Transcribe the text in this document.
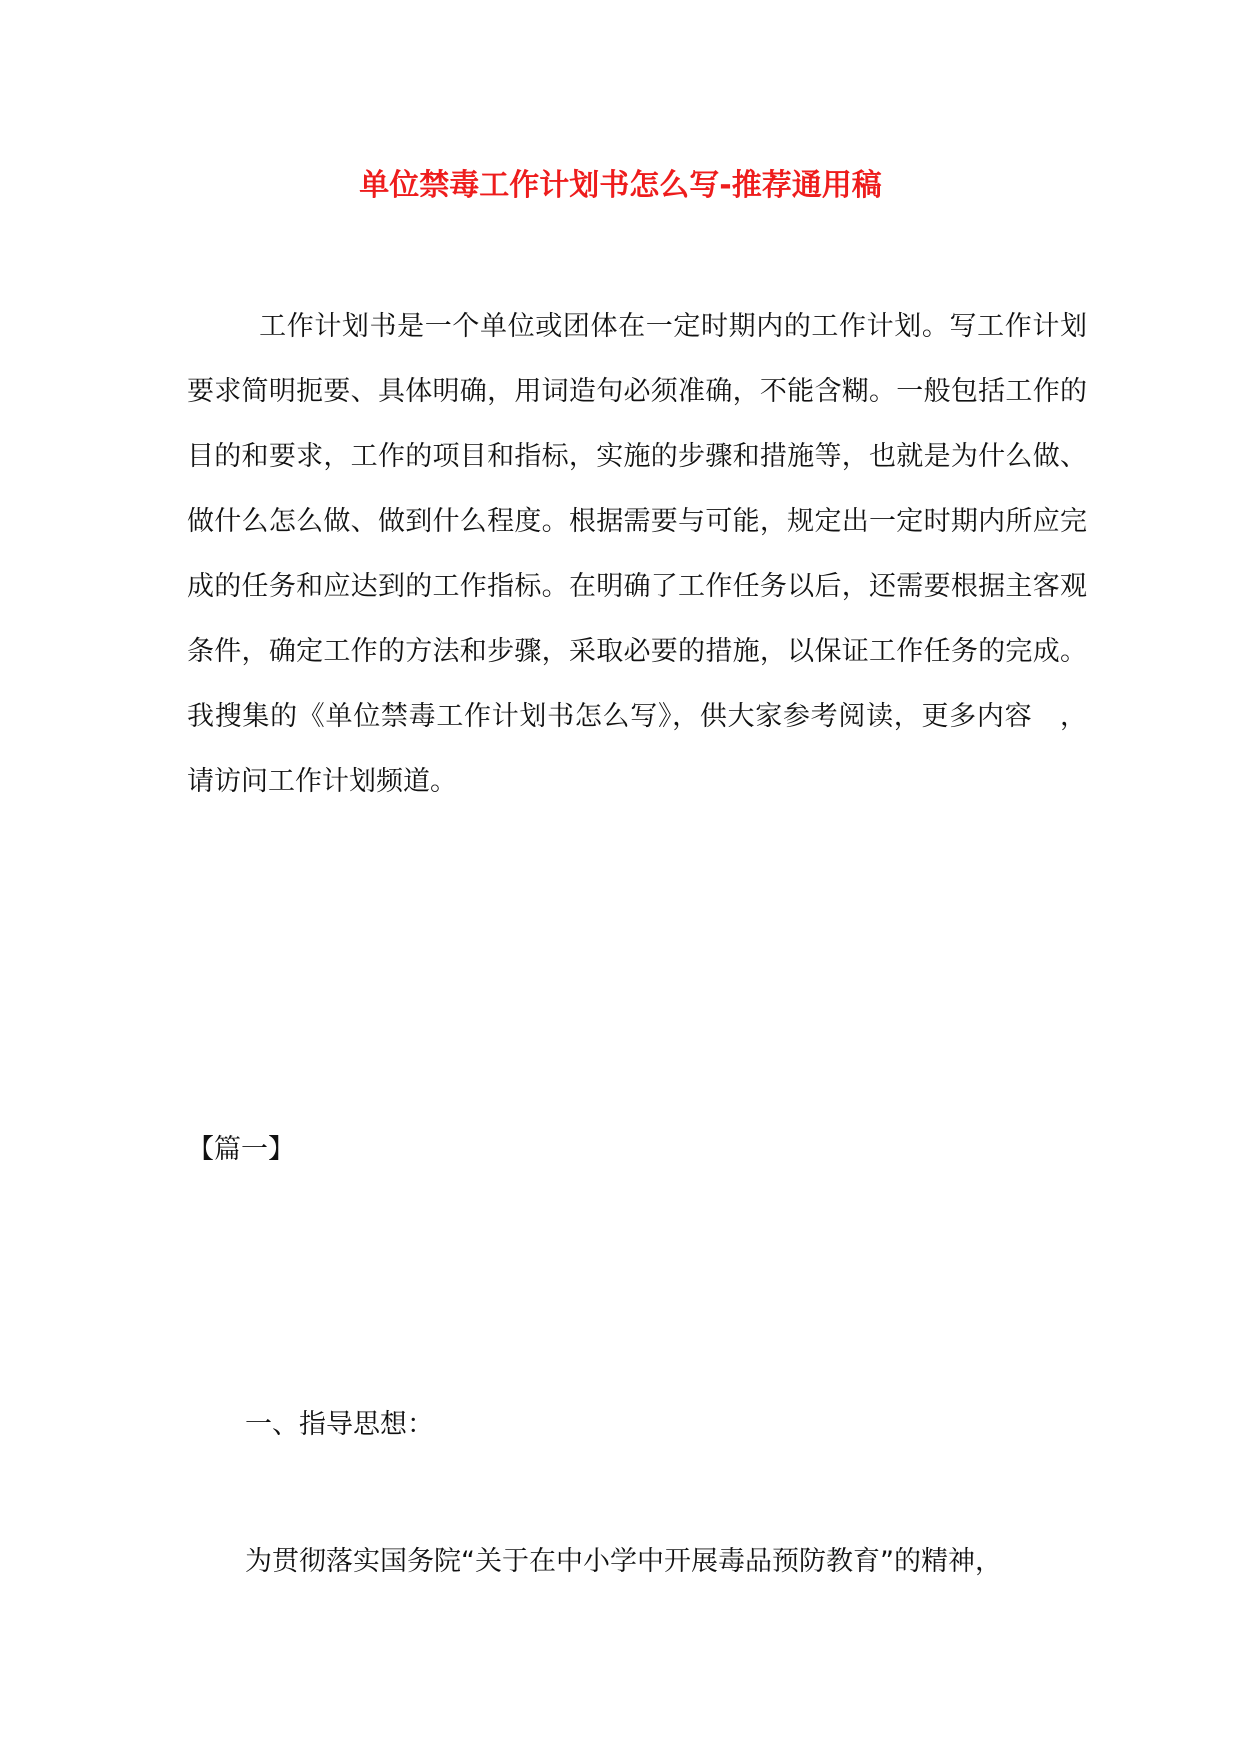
单位禁毒工作计划书怎么写-推荐通用稿

工作计划书是一个单位或团体在一定时期内的工作计划。写工作计划要求简明扼要、具体明确，用词造句必须准确，不能含糊。一般包括工作的目的和要求，工作的项目和指标，实施的步骤和措施等，也就是为什么做、做什么怎么做、做到什么程度。根据需要与可能，规定出一定时期内所应完成的任务和应达到的工作指标。在明确了工作任务以后，还需要根据主客观条件，确定工作的方法和步骤，采取必要的措施，以保证工作任务的完成。我搜集的《单位禁毒工作计划书怎么写》，供大家参考阅读，更多内容　，请访问工作计划频道。

【篇一】

一、指导思想：

为贯彻落实国务院“关于在中小学中开展毒品预防教育”的精神，
